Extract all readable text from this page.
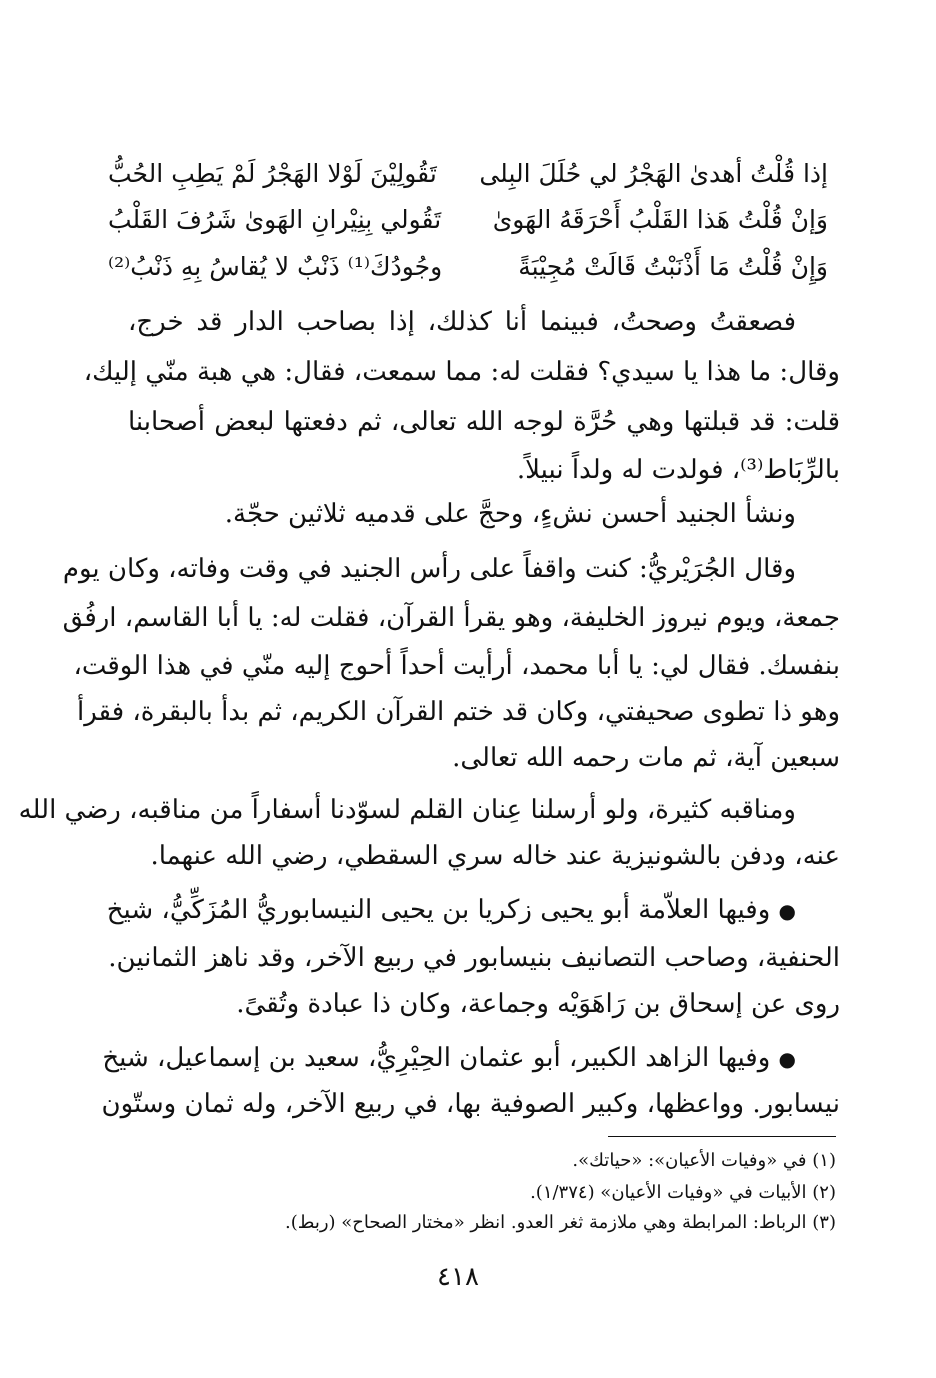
إذا قُلْتُ أهدىٰ الهَجْرُ لي حُلَلَ البِلى
تَقُولِيْنَ لَوْلا الهَجْرُ لَمْ يَطِبِ الحُبُّ
وَإنْ قُلْتُ هَذا القَلْبُ أَحْرَقَهُ الهَوىٰ
تَقُولي بِنِيْرانِ الهَوىٰ شَرُفَ القَلْبُ
وَإِنْ قُلْتُ مَا أَذْنَبْتُ قَالَتْ مُجِيْبَةً
وجُودُكَ⁽¹⁾ ذَنْبٌ لا يُقاسُ بِهِ ذَنْبُ⁽²⁾
فصعقتُ وصحتُ، فبينما أنا كذلك، إذا بصاحب الدار قد خرج،
وقال: ما هذا يا سيدي؟ فقلت له: مما سمعت، فقال: هي هبة منّي إليك،
قلت: قد قبلتها وهي حُرَّة لوجه الله تعالى، ثم دفعتها لبعض أصحابنا
بالرِّبَاط⁽³⁾، فولدت له ولداً نبيلاً.
ونشأ الجنيد أحسن نشءٍ، وحجَّ على قدميه ثلاثين حجّة.
وقال الجُرَيْريُّ: كنت واقفاً على رأس الجنيد في وقت وفاته، وكان يوم
جمعة، ويوم نيروز الخليفة، وهو يقرأ القرآن، فقلت له: يا أبا القاسم، ارفُق
بنفسك. فقال لي: يا أبا محمد، أرأيت أحداً أحوج إليه منّي في هذا الوقت،
وهو ذا تطوى صحيفتي، وكان قد ختم القرآن الكريم، ثم بدأ بالبقرة، فقرأ
سبعين آية، ثم مات رحمه الله تعالى.
ومناقبه كثيرة، ولو أرسلنا عِنان القلم لسوّدنا أسفاراً من مناقبه، رضي الله
عنه، ودفن بالشونيزية عند خاله سري السقطي، رضي الله عنهما.
● وفيها العلاّمة أبو يحيى زكريا بن يحيى النيسابوريُّ المُزَكِّيُّ، شيخ
الحنفية، وصاحب التصانيف بنيسابور في ربيع الآخر، وقد ناهز الثمانين.
روى عن إسحاق بن رَاهَوَيْه وجماعة، وكان ذا عبادة وتُقىً.
● وفيها الزاهد الكبير، أبو عثمان الحِيْرِيُّ، سعيد بن إسماعيل، شيخ
نيسابور. وواعظها، وكبير الصوفية بها، في ربيع الآخر، وله ثمان وستّون
(١) في «وفيات الأعيان»: «حياتك».
(٢) الأبيات في «وفيات الأعيان» (١/٣٧٤).
(٣) الرباط: المرابطة وهي ملازمة ثغر العدو. انظر «مختار الصحاح» (ربط).
٤١٨
